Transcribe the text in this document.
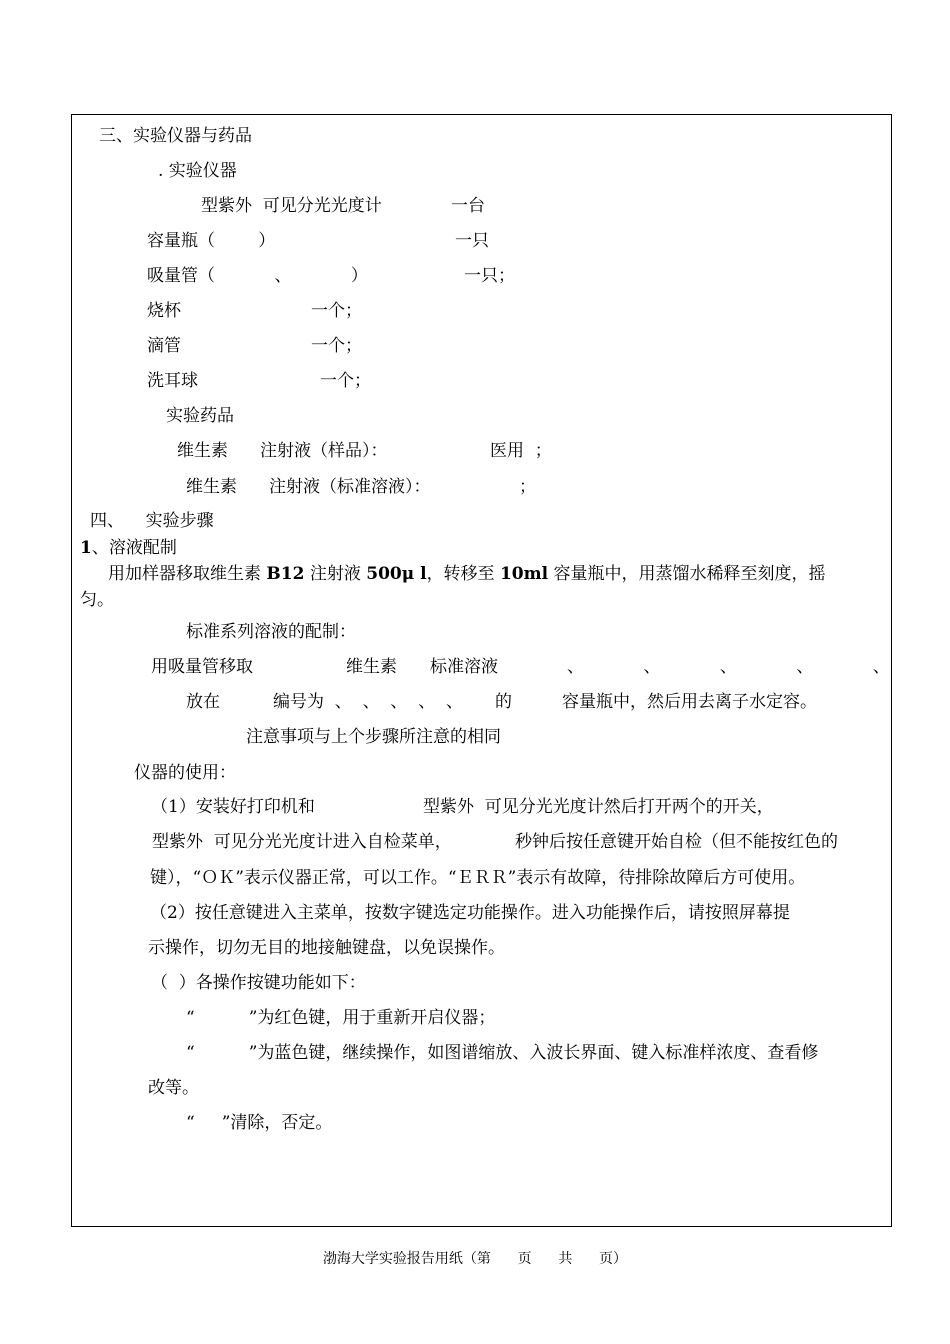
三、实验仪器与药品
. 实验仪器
型紫外  可见分光光度计	一台
容量瓶（        ）	一只
吸量管（           、           ）	一只；
烧杯	一个；
滴管	一个；
洗耳球	一个；
实验药品
维生素 注射液（样品）：	医用  ；
维生素 注射液（标准溶液）：	；
四、    实验步骤
1、溶液配制
用加样器移取维生素 B12 注射液 500μ l，转移至 10ml 容量瓶中，用蒸馏水稀释至刻度，摇
匀。
标准系列溶液的配制：
用吸量管移取	维生素 标准溶液	、           、           、           、           、
放在	编号为  、  、  、  、  、 的	容量瓶中，然后用去离子水定容。
注意事项与上个步骤所注意的相同
仪器的使用：
（1）安装好打印机和	型紫外  可见分光光度计然后打开两个的开关，
型紫外  可见分光光度计进入自检菜单，	秒钟后按任意键开始自检（但不能按红色的
键），“ＯＫ”表示仪器正常，可以工作。“ＥＲＲ”表示有故障，待排除故障后方可使用。
（2）按任意键进入主菜单，按数字键选定功能操作。进入功能操作后，请按照屏幕提
示操作，切勿无目的地接触键盘，以免误操作。
（  ）各操作按键功能如下：
“          ”为红色键，用于重新开启仪器；
“          ”为蓝色键，继续操作，如图谱缩放、入波长界面、键入标准样浓度、查看修
改等。
“     ”清除，否定。
渤海大学实验报告用纸（第      页      共      页）
